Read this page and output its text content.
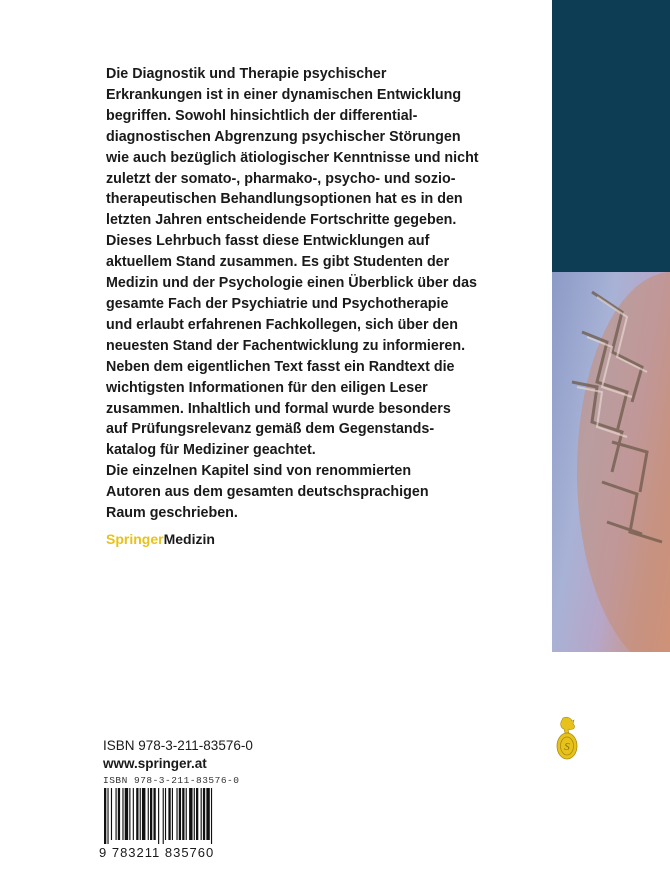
Die Diagnostik und Therapie psychischer

Erkrankungen ist in einer dynamischen Entwicklung

begriffen. Sowohl hinsichtlich der differential-

diagnostischen Abgrenzung psychischer Störungen

wie auch bezüglich ätiologischer Kenntnisse und nicht

zuletzt der somato-, pharmako-, psycho- und sozio-

therapeutischen Behandlungsoptionen hat es in den

letzten Jahren entscheidende Fortschritte gegeben.

Dieses Lehrbuch fasst diese Entwicklungen auf

aktuellem Stand zusammen. Es gibt Studenten der

Medizin und der Psychologie einen Überblick über das

gesamte Fach der Psychiatrie und Psychotherapie

und erlaubt erfahrenen Fachkollegen, sich über den

neuesten Stand der Fachentwicklung zu informieren.

Neben dem eigentlichen Text fasst ein Randtext die

wichtigsten Informationen für den eiligen Leser

zusammen. Inhaltlich und formal wurde besonders

auf Prüfungsrelevanz gemäß dem Gegenstands-

katalog für Mediziner geachtet.

Die einzelnen Kapitel sind von renommierten

Autoren aus dem gesamten deutschsprachigen

Raum geschrieben.

SpringerMedizin
ISBN 978-3-211-83576-0
www.springer.at
ISBN 978-3-211-83576-0
9 783211 835760
S
